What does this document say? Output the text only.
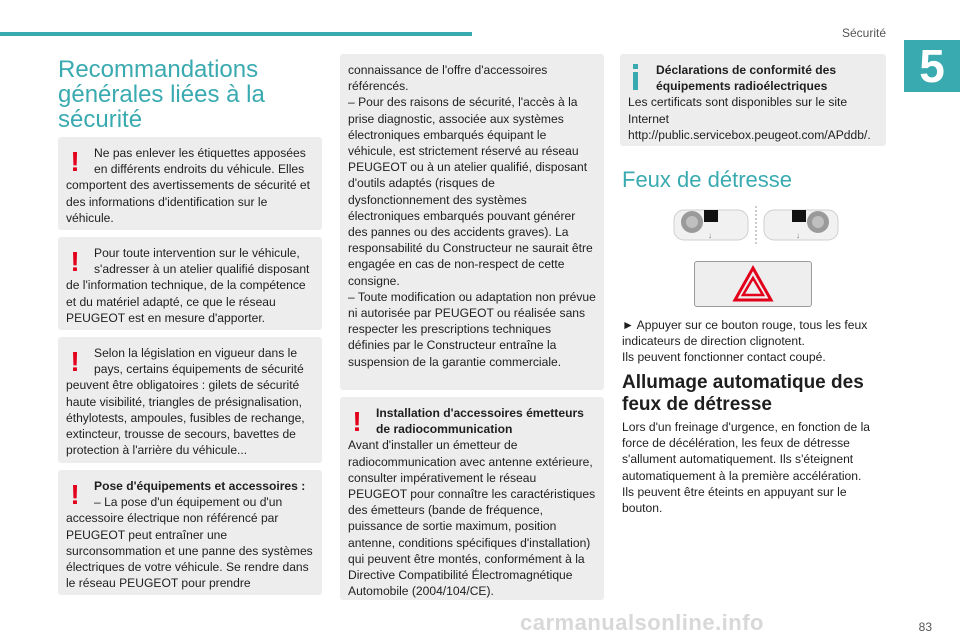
Sécurité
5
Recommandations générales liées à la sécurité
!	Ne pas enlever les étiquettes apposées en différents endroits du véhicule. Elles comportent des avertissements de sécurité et des informations d'identification sur le véhicule.

!	Pour toute intervention sur le véhicule, s'adresser à un atelier qualifié disposant de l'information technique, de la compétence et du matériel adapté, ce que le réseau PEUGEOT est en mesure d'apporter.

!	Selon la législation en vigueur dans le pays, certains équipements de sécurité peuvent être obligatoires : gilets de sécurité haute visibilité, triangles de présignalisation, éthylotests, ampoules, fusibles de rechange, extincteur, trousse de secours, bavettes de protection à l'arrière du véhicule...

!	Pose d'équipements et accessoires :

– La pose d'un équipement ou d'un accessoire électrique non référencé par PEUGEOT peut entraîner une surconsommation et une panne des systèmes électriques de votre véhicule. Se rendre dans le réseau PEUGEOT pour prendre

connaissance de l'offre d'accessoires référencés.
– Pour des raisons de sécurité, l'accès à la prise diagnostic, associée aux systèmes électroniques embarqués équipant le véhicule, est strictement réservé au réseau PEUGEOT ou à un atelier qualifié, disposant d'outils adaptés (risques de dysfonctionnement des systèmes électroniques embarqués pouvant générer des pannes ou des accidents graves). La responsabilité du Constructeur ne saurait être engagée en cas de non-respect de cette consigne.
– Toute modification ou adaptation non prévue ni autorisée par PEUGEOT ou réalisée sans respecter les prescriptions techniques définies par le Constructeur entraîne la suspension de la garantie commerciale.

!	Installation d'accessoires émetteurs de radiocommunication

Avant d'installer un émetteur de radiocommunication avec antenne extérieure, consulter impérativement le réseau PEUGEOT pour connaître les caractéristiques des émetteurs (bande de fréquence, puissance de sortie maximum, position antenne, conditions spécifiques d'installation) qui peuvent être montés, conformément à la Directive Compatibilité Électromagnétique Automobile (2004/104/CE).

Déclarations de conformité des équipements radioélectriques

Les certificats sont disponibles sur le site Internet http://public.servicebox.peugeot.com/APddb/.

Feux de détresse
↓	↓
► Appuyer sur ce bouton rouge, tous les feux indicateurs de direction clignotent.
Ils peuvent fonctionner contact coupé.
Allumage automatique des feux de détresse
Lors d'un freinage d'urgence, en fonction de la force de décélération, les feux de détresse s'allument automatiquement. Ils s'éteignent automatiquement à la première accélération.
Ils peuvent être éteints en appuyant sur le bouton.
carmanualsonline.info	83
